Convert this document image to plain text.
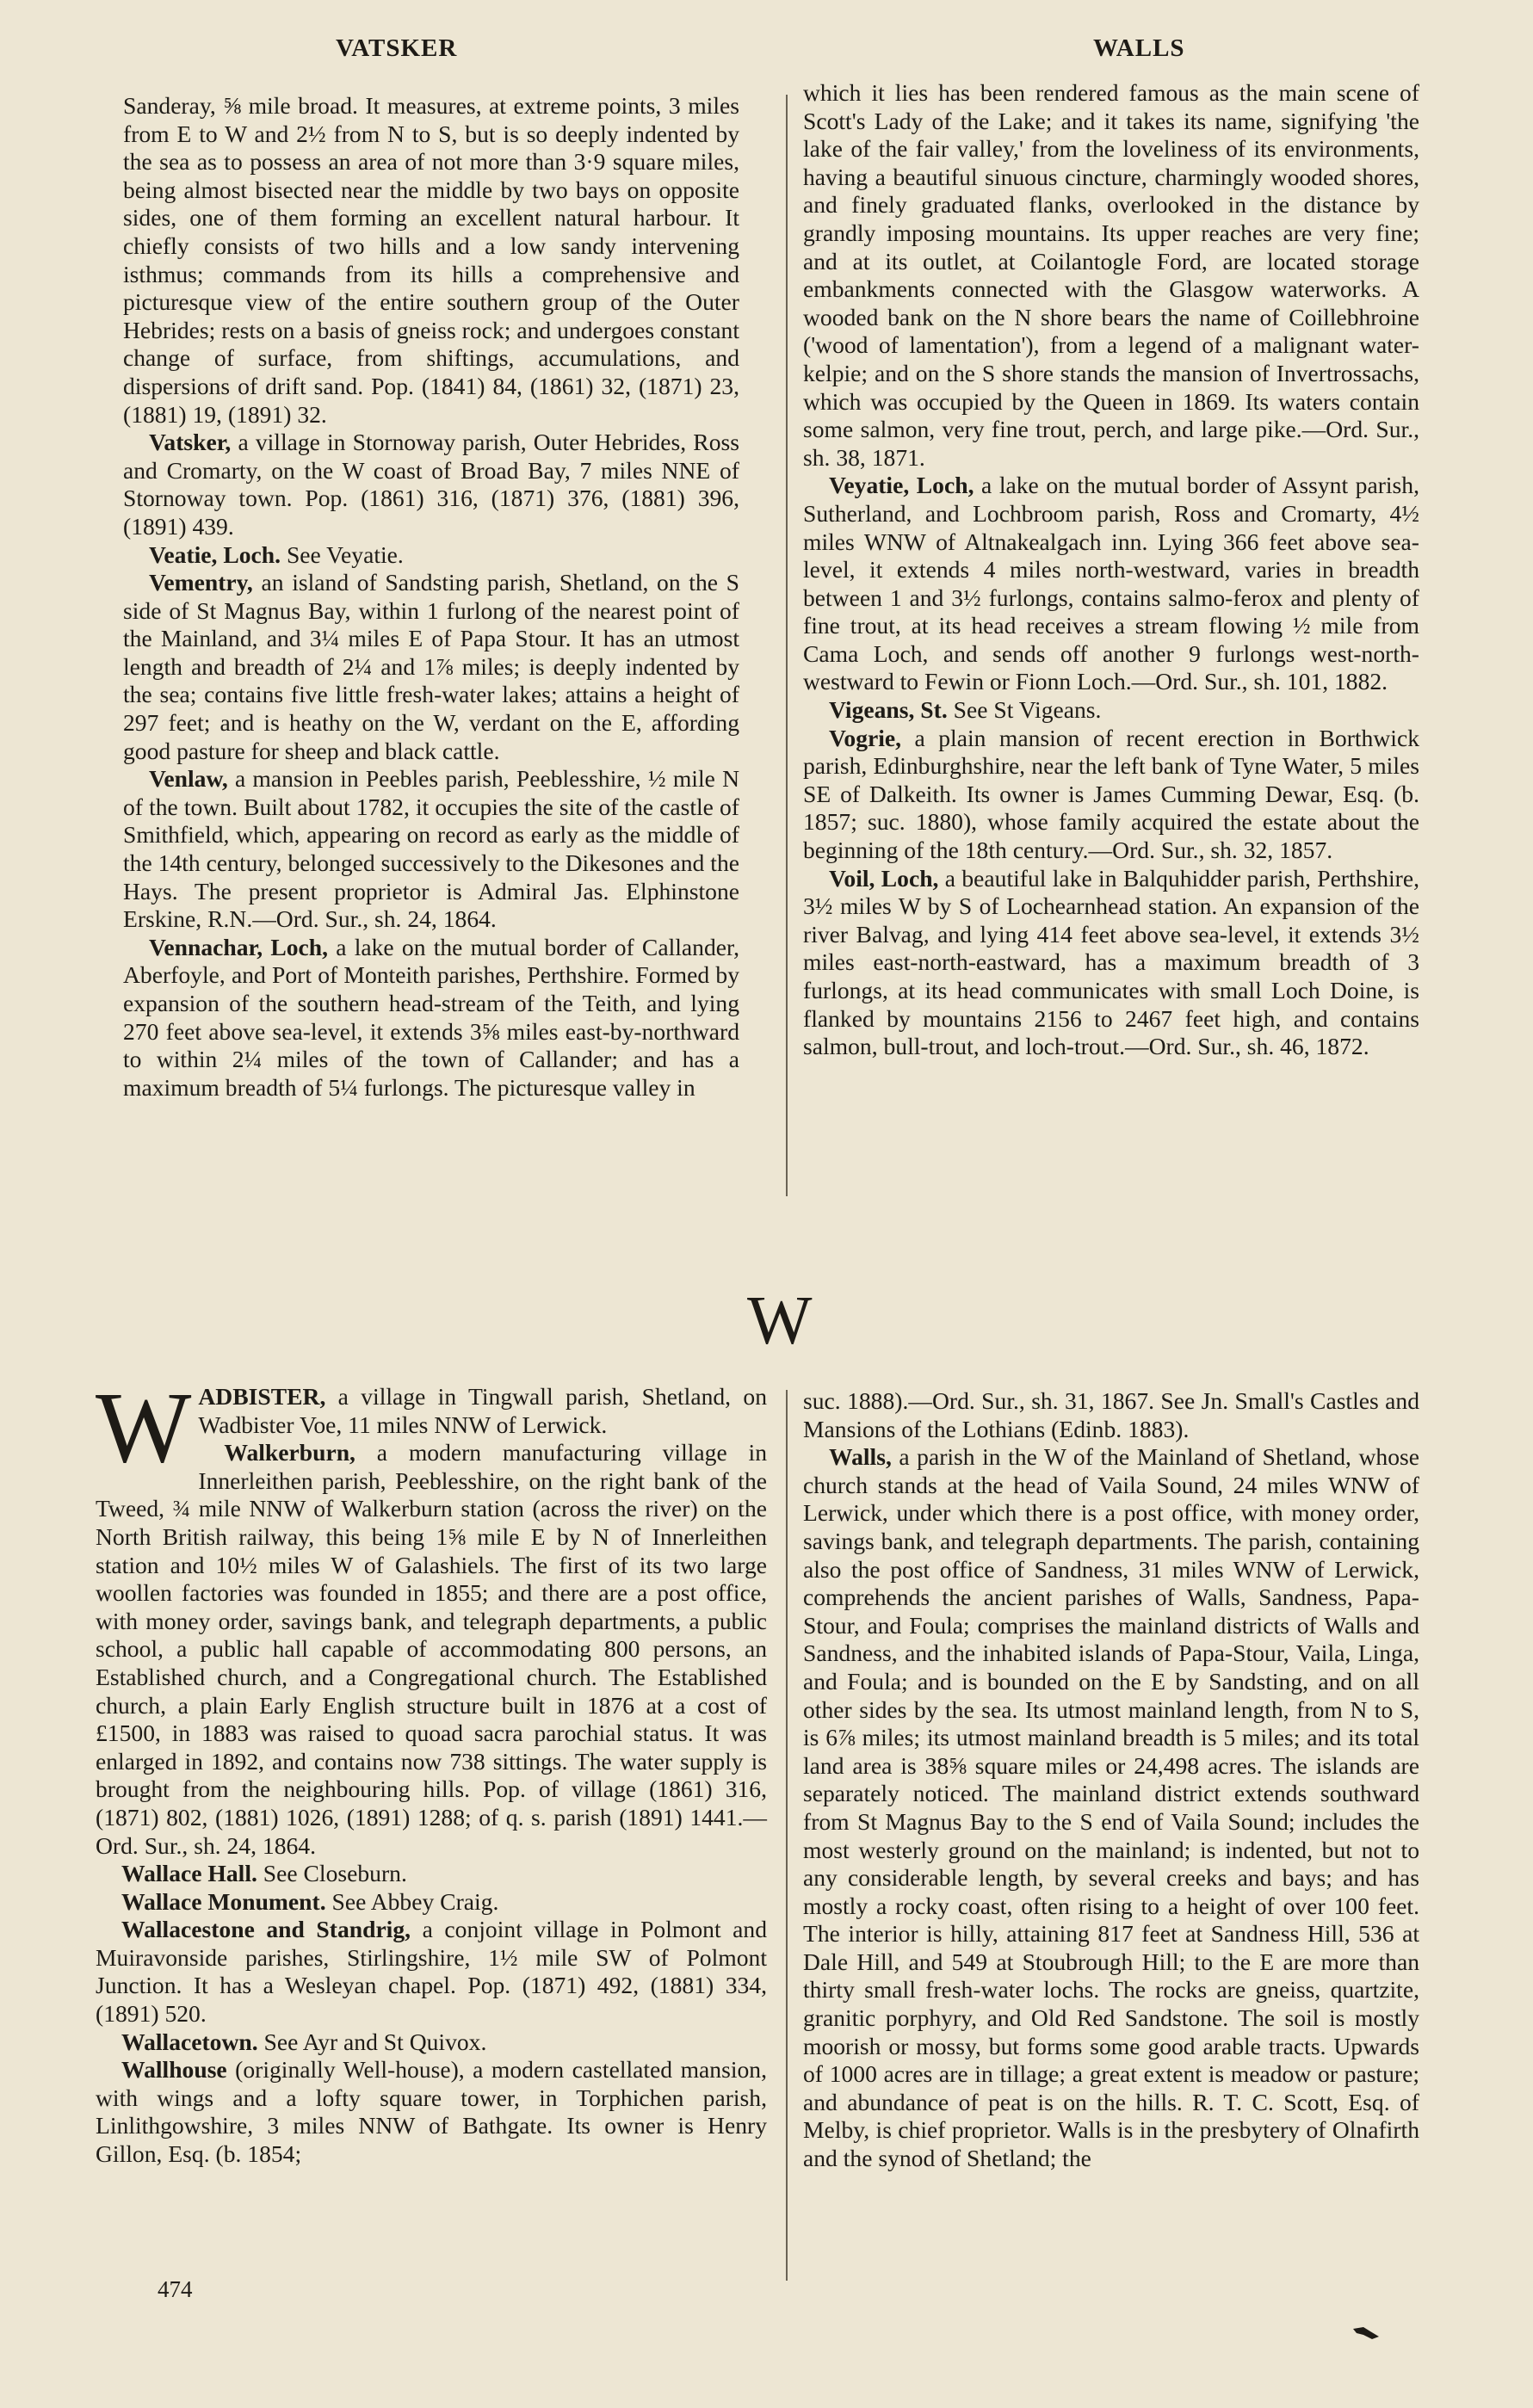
VATSKER	WALLS

Sanderay, ⅝ mile broad. It measures, at extreme points, 3 miles from E to W and 2½ from N to S, but is so deeply indented by the sea as to possess an area of not more than 3·9 square miles, being almost bisected near the middle by two bays on opposite sides, one of them forming an excellent natural harbour. It chiefly consists of two hills and a low sandy intervening isthmus; commands from its hills a comprehensive and picturesque view of the entire southern group of the Outer Hebrides; rests on a basis of gneiss rock; and undergoes constant change of surface, from shiftings, accumulations, and dispersions of drift sand. Pop. (1841) 84, (1861) 32, (1871) 23, (1881) 19, (1891) 32.

Vatsker, a village in Stornoway parish, Outer Hebrides, Ross and Cromarty, on the W coast of Broad Bay, 7 miles NNE of Stornoway town. Pop. (1861) 316, (1871) 376, (1881) 396, (1891) 439.

Veatie, Loch. See Veyatie.

Vementry, an island of Sandsting parish, Shetland, on the S side of St Magnus Bay, within 1 furlong of the nearest point of the Mainland, and 3¼ miles E of Papa Stour. It has an utmost length and breadth of 2¼ and 1⅞ miles; is deeply indented by the sea; contains five little fresh-water lakes; attains a height of 297 feet; and is heathy on the W, verdant on the E, affording good pasture for sheep and black cattle.

Venlaw, a mansion in Peebles parish, Peeblesshire, ½ mile N of the town. Built about 1782, it occupies the site of the castle of Smithfield, which, appearing on record as early as the middle of the 14th century, belonged successively to the Dikesones and the Hays. The present proprietor is Admiral Jas. Elphinstone Erskine, R.N.—Ord. Sur., sh. 24, 1864.

Vennachar, Loch, a lake on the mutual border of Callander, Aberfoyle, and Port of Monteith parishes, Perthshire. Formed by expansion of the southern head-stream of the Teith, and lying 270 feet above sea-level, it extends 3⅝ miles east-by-northward to within 2¼ miles of the town of Callander; and has a maximum breadth of 5¼ furlongs. The picturesque valley in

which it lies has been rendered famous as the main scene of Scott's Lady of the Lake; and it takes its name, signifying 'the lake of the fair valley,' from the loveliness of its environments, having a beautiful sinuous cincture, charmingly wooded shores, and finely graduated flanks, overlooked in the distance by grandly imposing mountains. Its upper reaches are very fine; and at its outlet, at Coilantogle Ford, are located storage embankments connected with the Glasgow waterworks. A wooded bank on the N shore bears the name of Coillebhroine ('wood of lamentation'), from a legend of a malignant water-kelpie; and on the S shore stands the mansion of Invertrossachs, which was occupied by the Queen in 1869. Its waters contain some salmon, very fine trout, perch, and large pike.—Ord. Sur., sh. 38, 1871.

Veyatie, Loch, a lake on the mutual border of Assynt parish, Sutherland, and Lochbroom parish, Ross and Cromarty, 4½ miles WNW of Altnakealgach inn. Lying 366 feet above sea-level, it extends 4 miles north-westward, varies in breadth between 1 and 3½ furlongs, contains salmo-ferox and plenty of fine trout, at its head receives a stream flowing ½ mile from Cama Loch, and sends off another 9 furlongs west-north-westward to Fewin or Fionn Loch.—Ord. Sur., sh. 101, 1882.

Vigeans, St. See St Vigeans.

Vogrie, a plain mansion of recent erection in Borthwick parish, Edinburghshire, near the left bank of Tyne Water, 5 miles SE of Dalkeith. Its owner is James Cumming Dewar, Esq. (b. 1857; suc. 1880), whose family acquired the estate about the beginning of the 18th century.—Ord. Sur., sh. 32, 1857.

Voil, Loch, a beautiful lake in Balquhidder parish, Perthshire, 3½ miles W by S of Lochearnhead station. An expansion of the river Balvag, and lying 414 feet above sea-level, it extends 3½ miles east-north-eastward, has a maximum breadth of 3 furlongs, at its head communicates with small Loch Doine, is flanked by mountains 2156 to 2467 feet high, and contains salmon, bull-trout, and loch-trout.—Ord. Sur., sh. 46, 1872.

W

WADBISTER, a village in Tingwall parish, Shetland, on Wadbister Voe, 11 miles NNW of Lerwick.

Walkerburn, a modern manufacturing village in Innerleithen parish, Peeblesshire, on the right bank of the Tweed, ¾ mile NNW of Walkerburn station (across the river) on the North British railway, this being 1⅝ mile E by N of Innerleithen station and 10½ miles W of Galashiels. The first of its two large woollen factories was founded in 1855; and there are a post office, with money order, savings bank, and telegraph departments, a public school, a public hall capable of accommodating 800 persons, an Established church, and a Congregational church. The Established church, a plain Early English structure built in 1876 at a cost of £1500, in 1883 was raised to quoad sacra parochial status. It was enlarged in 1892, and contains now 738 sittings. The water supply is brought from the neighbouring hills. Pop. of village (1861) 316, (1871) 802, (1881) 1026, (1891) 1288; of q. s. parish (1891) 1441.—Ord. Sur., sh. 24, 1864.

Wallace Hall. See Closeburn.

Wallace Monument. See Abbey Craig.

Wallacestone and Standrig, a conjoint village in Polmont and Muiravonside parishes, Stirlingshire, 1½ mile SW of Polmont Junction. It has a Wesleyan chapel. Pop. (1871) 492, (1881) 334, (1891) 520.

Wallacetown. See Ayr and St Quivox.

Wallhouse (originally Well-house), a modern castellated mansion, with wings and a lofty square tower, in Torphichen parish, Linlithgowshire, 3 miles NNW of Bathgate. Its owner is Henry Gillon, Esq. (b. 1854;

suc. 1888).—Ord. Sur., sh. 31, 1867. See Jn. Small's Castles and Mansions of the Lothians (Edinb. 1883).

Walls, a parish in the W of the Mainland of Shetland, whose church stands at the head of Vaila Sound, 24 miles WNW of Lerwick, under which there is a post office, with money order, savings bank, and telegraph departments. The parish, containing also the post office of Sandness, 31 miles WNW of Lerwick, comprehends the ancient parishes of Walls, Sandness, Papa-Stour, and Foula; comprises the mainland districts of Walls and Sandness, and the inhabited islands of Papa-Stour, Vaila, Linga, and Foula; and is bounded on the E by Sandsting, and on all other sides by the sea. Its utmost mainland length, from N to S, is 6⅞ miles; its utmost mainland breadth is 5 miles; and its total land area is 38⅝ square miles or 24,498 acres. The islands are separately noticed. The mainland district extends southward from St Magnus Bay to the S end of Vaila Sound; includes the most westerly ground on the mainland; is indented, but not to any considerable length, by several creeks and bays; and has mostly a rocky coast, often rising to a height of over 100 feet. The interior is hilly, attaining 817 feet at Sandness Hill, 536 at Dale Hill, and 549 at Stoubrough Hill; to the E are more than thirty small fresh-water lochs. The rocks are gneiss, quartzite, granitic porphyry, and Old Red Sandstone. The soil is mostly moorish or mossy, but forms some good arable tracts. Upwards of 1000 acres are in tillage; a great extent is meadow or pasture; and abundance of peat is on the hills. R. T. C. Scott, Esq. of Melby, is chief proprietor. Walls is in the presbytery of Olnafirth and the synod of Shetland; the

474
